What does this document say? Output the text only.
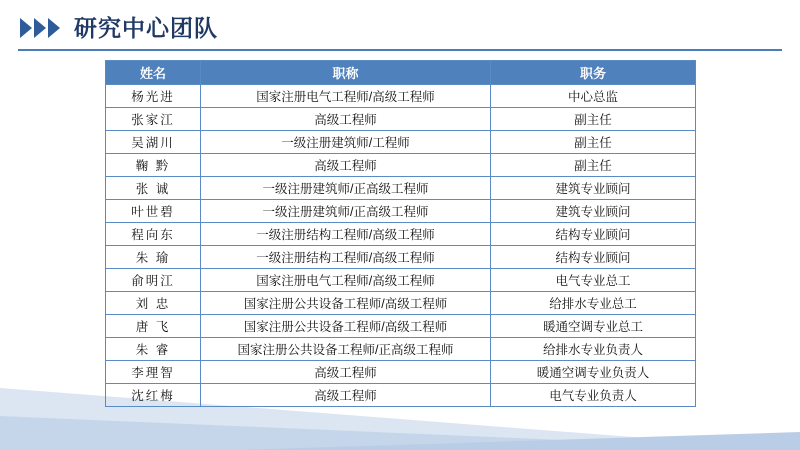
研究中心团队
姓名	职称	职务
杨光进	国家注册电气工程师/高级工程师	中心总监
张家江	高级工程师	副主任
吴湖川	一级注册建筑师/工程师	副主任
鞠 黔	高级工程师	副主任
张 诚	一级注册建筑师/正高级工程师	建筑专业顾问
叶世碧	一级注册建筑师/正高级工程师	建筑专业顾问
程向东	一级注册结构工程师/高级工程师	结构专业顾问
朱 瑜	一级注册结构工程师/高级工程师	结构专业顾问
俞明江	国家注册电气工程师/高级工程师	电气专业总工
刘 忠	国家注册公共设备工程师/高级工程师	给排水专业总工
唐 飞	国家注册公共设备工程师/高级工程师	暖通空调专业总工
朱 睿	国家注册公共设备工程师/正高级工程师	给排水专业负责人
李理智	高级工程师	暖通空调专业负责人
沈红梅	高级工程师	电气专业负责人
